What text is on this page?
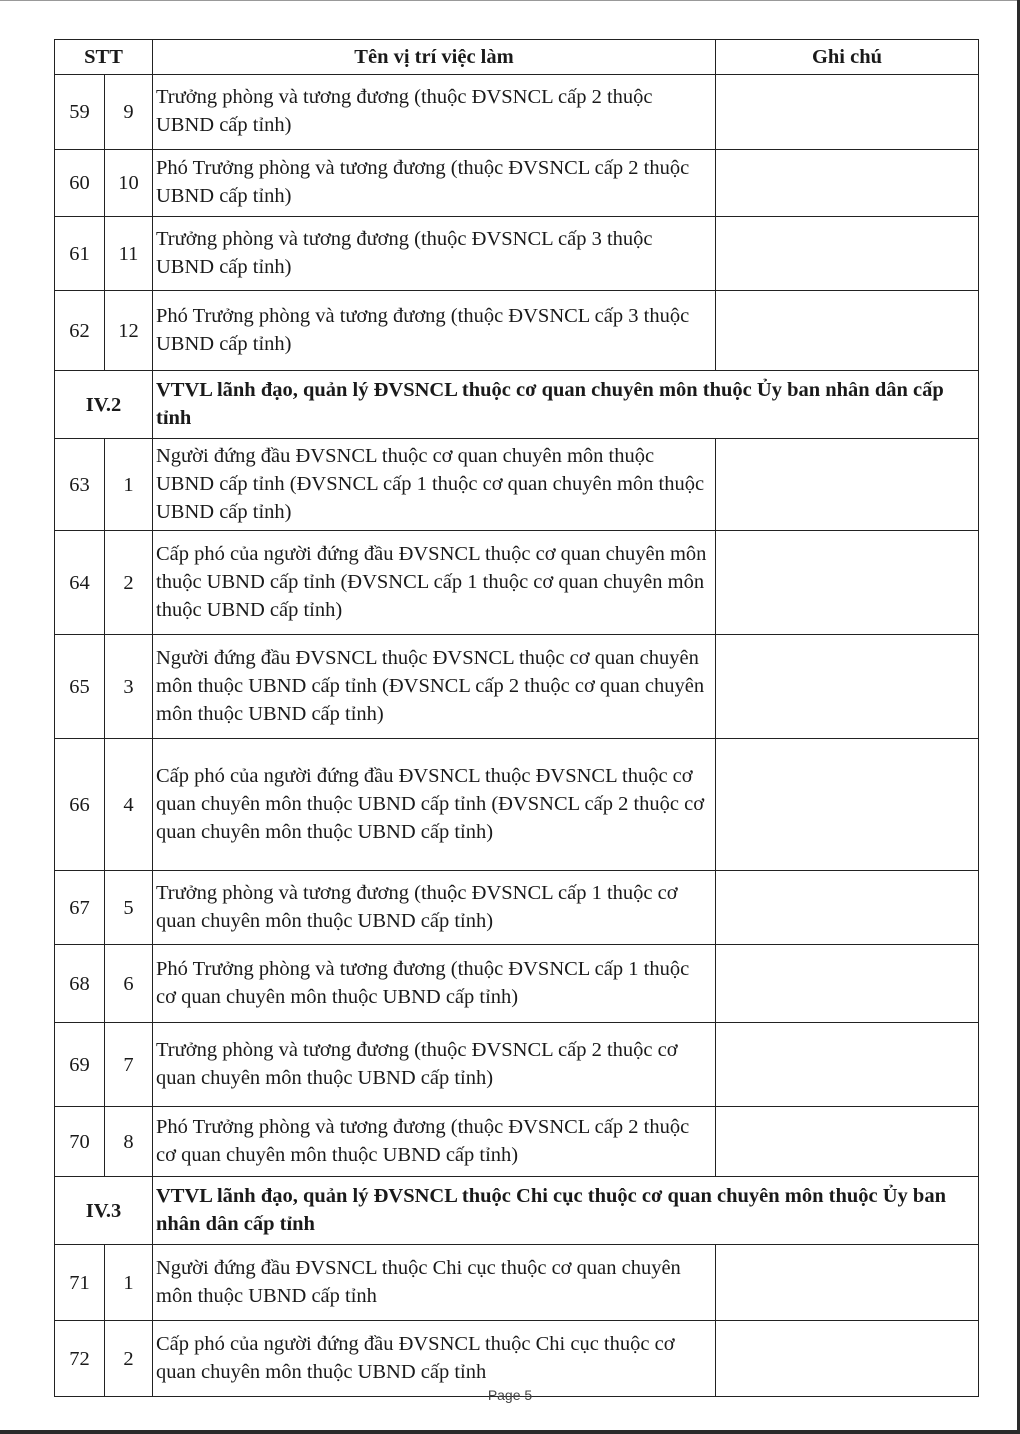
STT		Tên vị trí việc làm	Ghi chú
59	9	Trưởng phòng và tương đương (thuộc ĐVSNCL cấp 2 thuộc UBND cấp tỉnh)	
60	10	Phó Trưởng phòng và tương đương (thuộc ĐVSNCL cấp 2 thuộc UBND cấp tỉnh)	
61	11	Trưởng phòng và tương đương (thuộc ĐVSNCL cấp 3 thuộc UBND cấp tỉnh)	
62	12	Phó Trưởng phòng và tương đương (thuộc ĐVSNCL cấp 3 thuộc UBND cấp tỉnh)	
IV.2		VTVL lãnh đạo, quản lý ĐVSNCL thuộc cơ quan chuyên môn thuộc Ủy ban nhân dân cấp tỉnh	
63	1	Người đứng đầu ĐVSNCL thuộc cơ quan chuyên môn thuộc UBND cấp tỉnh (ĐVSNCL cấp 1 thuộc cơ quan chuyên môn thuộc UBND cấp tỉnh)	
64	2	Cấp phó của người đứng đầu ĐVSNCL thuộc cơ quan chuyên môn thuộc UBND cấp tỉnh (ĐVSNCL cấp 1 thuộc cơ quan chuyên môn thuộc UBND cấp tỉnh)	
65	3	Người đứng đầu ĐVSNCL thuộc ĐVSNCL thuộc cơ quan chuyên môn thuộc UBND cấp tỉnh (ĐVSNCL cấp 2 thuộc cơ quan chuyên môn thuộc UBND cấp tỉnh)	
66	4	Cấp phó của người đứng đầu ĐVSNCL thuộc ĐVSNCL thuộc cơ quan chuyên môn thuộc UBND cấp tỉnh (ĐVSNCL cấp 2 thuộc cơ quan chuyên môn thuộc UBND cấp tỉnh)	
67	5	Trưởng phòng và tương đương (thuộc ĐVSNCL cấp 1 thuộc cơ quan chuyên môn thuộc UBND cấp tỉnh)	
68	6	Phó Trưởng phòng và tương đương (thuộc ĐVSNCL cấp 1 thuộc cơ quan chuyên môn thuộc UBND cấp tỉnh)	
69	7	Trưởng phòng và tương đương (thuộc ĐVSNCL cấp 2 thuộc cơ quan chuyên môn thuộc UBND cấp tỉnh)	
70	8	Phó Trưởng phòng và tương đương (thuộc ĐVSNCL cấp 2 thuộc cơ quan chuyên môn thuộc UBND cấp tỉnh)	
IV.3		VTVL lãnh đạo, quản lý ĐVSNCL thuộc Chi cục thuộc cơ quan chuyên môn thuộc Ủy ban nhân dân cấp tỉnh	
71	1	Người đứng đầu ĐVSNCL thuộc Chi cục thuộc cơ quan chuyên môn thuộc UBND cấp tỉnh	
72	2	Cấp phó của người đứng đầu ĐVSNCL thuộc Chi cục thuộc cơ quan chuyên môn thuộc UBND cấp tỉnh	
Page 5
